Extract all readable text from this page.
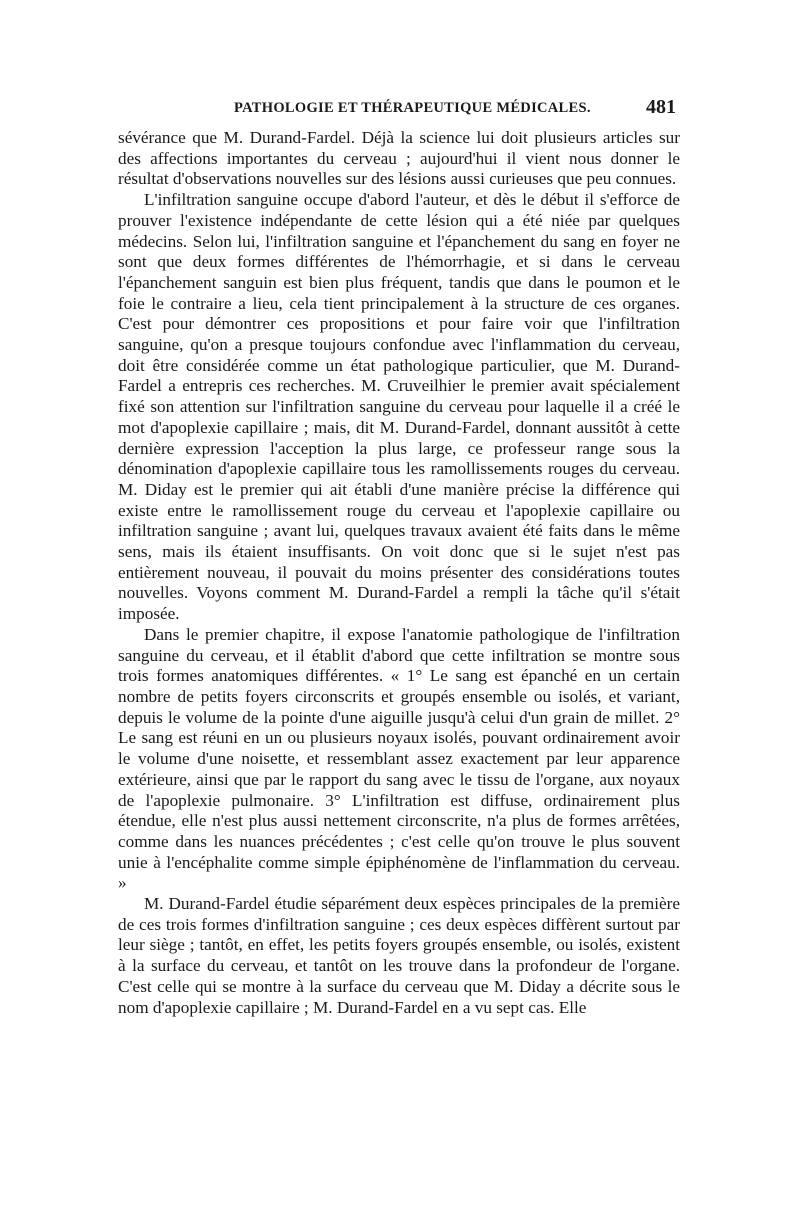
PATHOLOGIE ET THÉRAPEUTIQUE MÉDICALES.	481

sévérance que M. Durand-Fardel. Déjà la science lui doit plusieurs articles sur des affections importantes du cerveau ; aujourd'hui il vient nous donner le résultat d'observations nouvelles sur des lésions aussi curieuses que peu connues.

L'infiltration sanguine occupe d'abord l'auteur, et dès le début il s'efforce de prouver l'existence indépendante de cette lésion qui a été niée par quelques médecins. Selon lui, l'infiltration sanguine et l'épanchement du sang en foyer ne sont que deux formes différentes de l'hémorrhagie, et si dans le cerveau l'épanchement sanguin est bien plus fréquent, tandis que dans le poumon et le foie le contraire a lieu, cela tient principalement à la structure de ces organes. C'est pour démontrer ces propositions et pour faire voir que l'infiltration sanguine, qu'on a presque toujours confondue avec l'inflammation du cerveau, doit être considérée comme un état pathologique particulier, que M. Durand-Fardel a entrepris ces recherches. M. Cruveilhier le premier avait spécialement fixé son attention sur l'infiltration sanguine du cerveau pour laquelle il a créé le mot d'apoplexie capillaire ; mais, dit M. Durand-Fardel, donnant aussitôt à cette dernière expression l'acception la plus large, ce professeur range sous la dénomination d'apoplexie capillaire tous les ramollissements rouges du cerveau. M. Diday est le premier qui ait établi d'une manière précise la différence qui existe entre le ramollissement rouge du cerveau et l'apoplexie capillaire ou infiltration sanguine ; avant lui, quelques travaux avaient été faits dans le même sens, mais ils étaient insuffisants. On voit donc que si le sujet n'est pas entièrement nouveau, il pouvait du moins présenter des considérations toutes nouvelles. Voyons comment M. Durand-Fardel a rempli la tâche qu'il s'était imposée.

Dans le premier chapitre, il expose l'anatomie pathologique de l'infiltration sanguine du cerveau, et il établit d'abord que cette infiltration se montre sous trois formes anatomiques différentes. « 1° Le sang est épanché en un certain nombre de petits foyers circonscrits et groupés ensemble ou isolés, et variant, depuis le volume de la pointe d'une aiguille jusqu'à celui d'un grain de millet. 2° Le sang est réuni en un ou plusieurs noyaux isolés, pouvant ordinairement avoir le volume d'une noisette, et ressemblant assez exactement par leur apparence extérieure, ainsi que par le rapport du sang avec le tissu de l'organe, aux noyaux de l'apoplexie pulmonaire. 3° L'infiltration est diffuse, ordinairement plus étendue, elle n'est plus aussi nettement circonscrite, n'a plus de formes arrêtées, comme dans les nuances précédentes ; c'est celle qu'on trouve le plus souvent unie à l'encéphalite comme simple épiphénomène de l'inflammation du cerveau. »

M. Durand-Fardel étudie séparément deux espèces principales de la première de ces trois formes d'infiltration sanguine ; ces deux espèces diffèrent surtout par leur siège ; tantôt, en effet, les petits foyers groupés ensemble, ou isolés, existent à la surface du cerveau, et tantôt on les trouve dans la profondeur de l'organe. C'est celle qui se montre à la surface du cerveau que M. Diday a décrite sous le nom d'apoplexie capillaire ; M. Durand-Fardel en a vu sept cas. Elle
